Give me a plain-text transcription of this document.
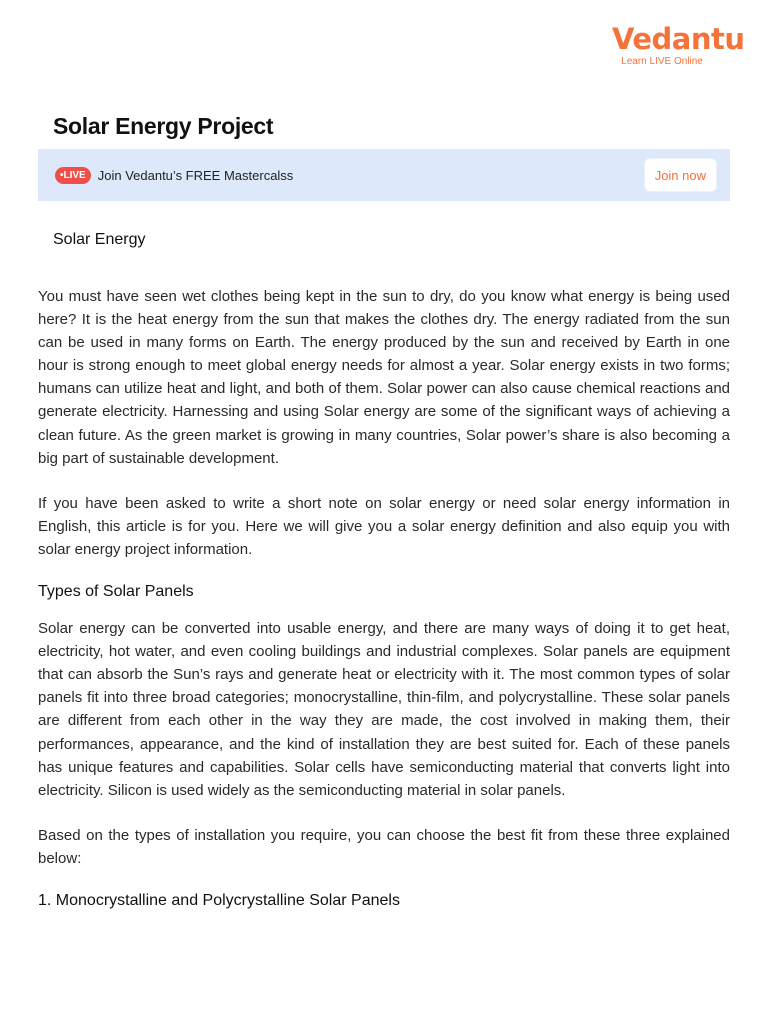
Vedantu
Learn LIVE Online
Solar Energy Project
•LIVE Join Vedantu’s FREE Mastercalss	Join now
Solar Energy

You must have seen wet clothes being kept in the sun to dry, do you know what energy is being used here? It is the heat energy from the sun that makes the clothes dry. The energy radiated from the sun can be used in many forms on Earth. The energy produced by the sun and received by Earth in one hour is strong enough to meet global energy needs for almost a year. Solar energy exists in two forms; humans can utilize heat and light, and both of them. Solar power can also cause chemical reactions and generate electricity. Harnessing and using Solar energy are some of the significant ways of achieving a clean future. As the green market is growing in many countries, Solar power’s share is also becoming a big part of sustainable development.

If you have been asked to write a short note on solar energy or need solar energy information in English, this article is for you. Here we will give you a solar energy definition and also equip you with solar energy project information.

Types of Solar Panels

Solar energy can be converted into usable energy, and there are many ways of doing it to get heat, electricity, hot water, and even cooling buildings and industrial complexes. Solar panels are equipment that can absorb the Sun’s rays and generate heat or electricity with it. The most common types of solar panels fit into three broad categories; monocrystalline, thin-film, and polycrystalline. These solar panels are different from each other in the way they are made, the cost involved in making them, their performances, appearance, and the kind of installation they are best suited for. Each of these panels has unique features and capabilities. Solar cells have semiconducting material that converts light into electricity. Silicon is used widely as the semiconducting material in solar panels.

Based on the types of installation you require, you can choose the best fit from these three explained below:

1. Monocrystalline and Polycrystalline Solar Panels
